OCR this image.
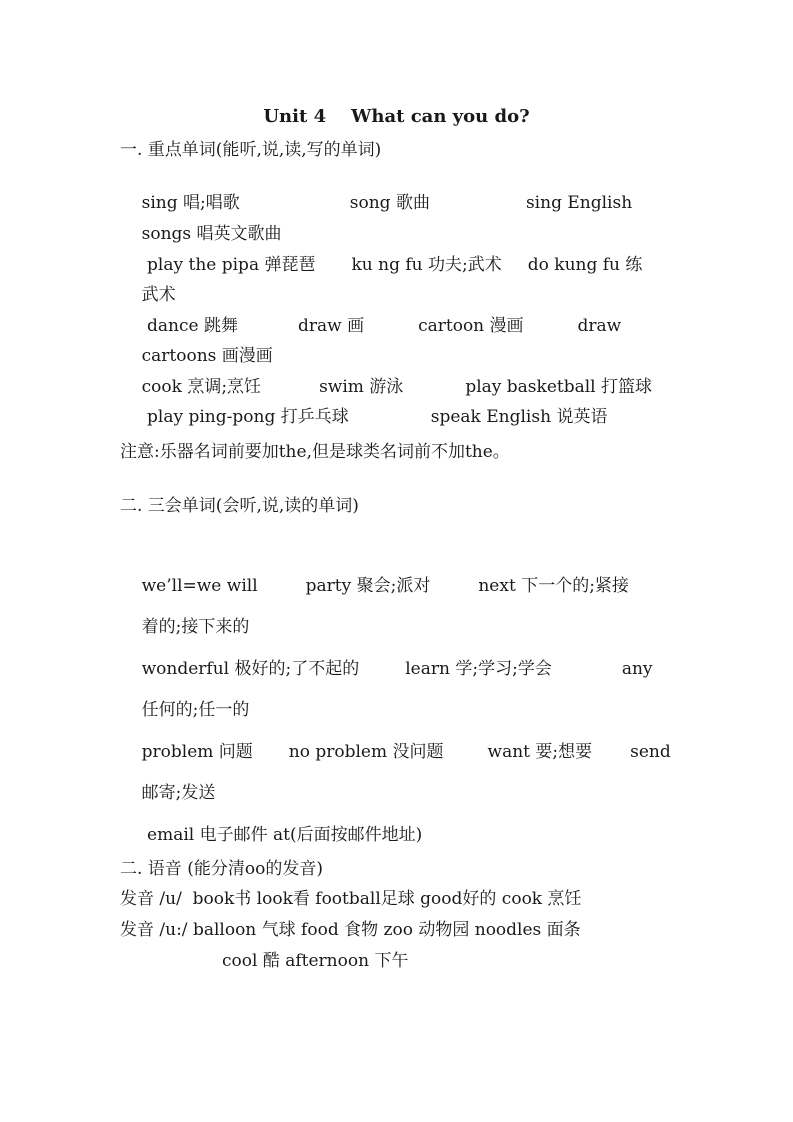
Unit 4    What can you do?
一. 重点单词(能听,说,读,写的单词)

sing 唱;唱歌	song 歌曲	sing English

songs 唱英文歌曲

play the pipa 弹琵琶 ku ng fu 功夫;武术 do kung fu 练

武术

dance 跳舞	draw 画	cartoon 漫画	draw

cartoons 画漫画

cook 烹调;烹饪	swim 游泳	play basketball 打篮球

play ping-pong 打乒乓球	speak English 说英语

注意:乐器名词前要加the,但是球类名词前不加the。
二. 三会单词(会听,说,读的单词)

we’ll=we will	party 聚会;派对	next 下一个的;紧接

着的;接下来的

wonderful 极好的;了不起的	learn 学;学习;学会	any

任何的;任一的

problem 问题 no problem 没问题	want 要;想要 send

邮寄;发送

email 电子邮件 at(后面按邮件地址)

二. 语音 (能分清oo的发音)
发音 /u/  book书 look看 football足球 good好的 cook 烹饪
发音 /u:/ balloon 气球 food 食物 zoo 动物园 noodles 面条
cool 酷 afternoon 下午
